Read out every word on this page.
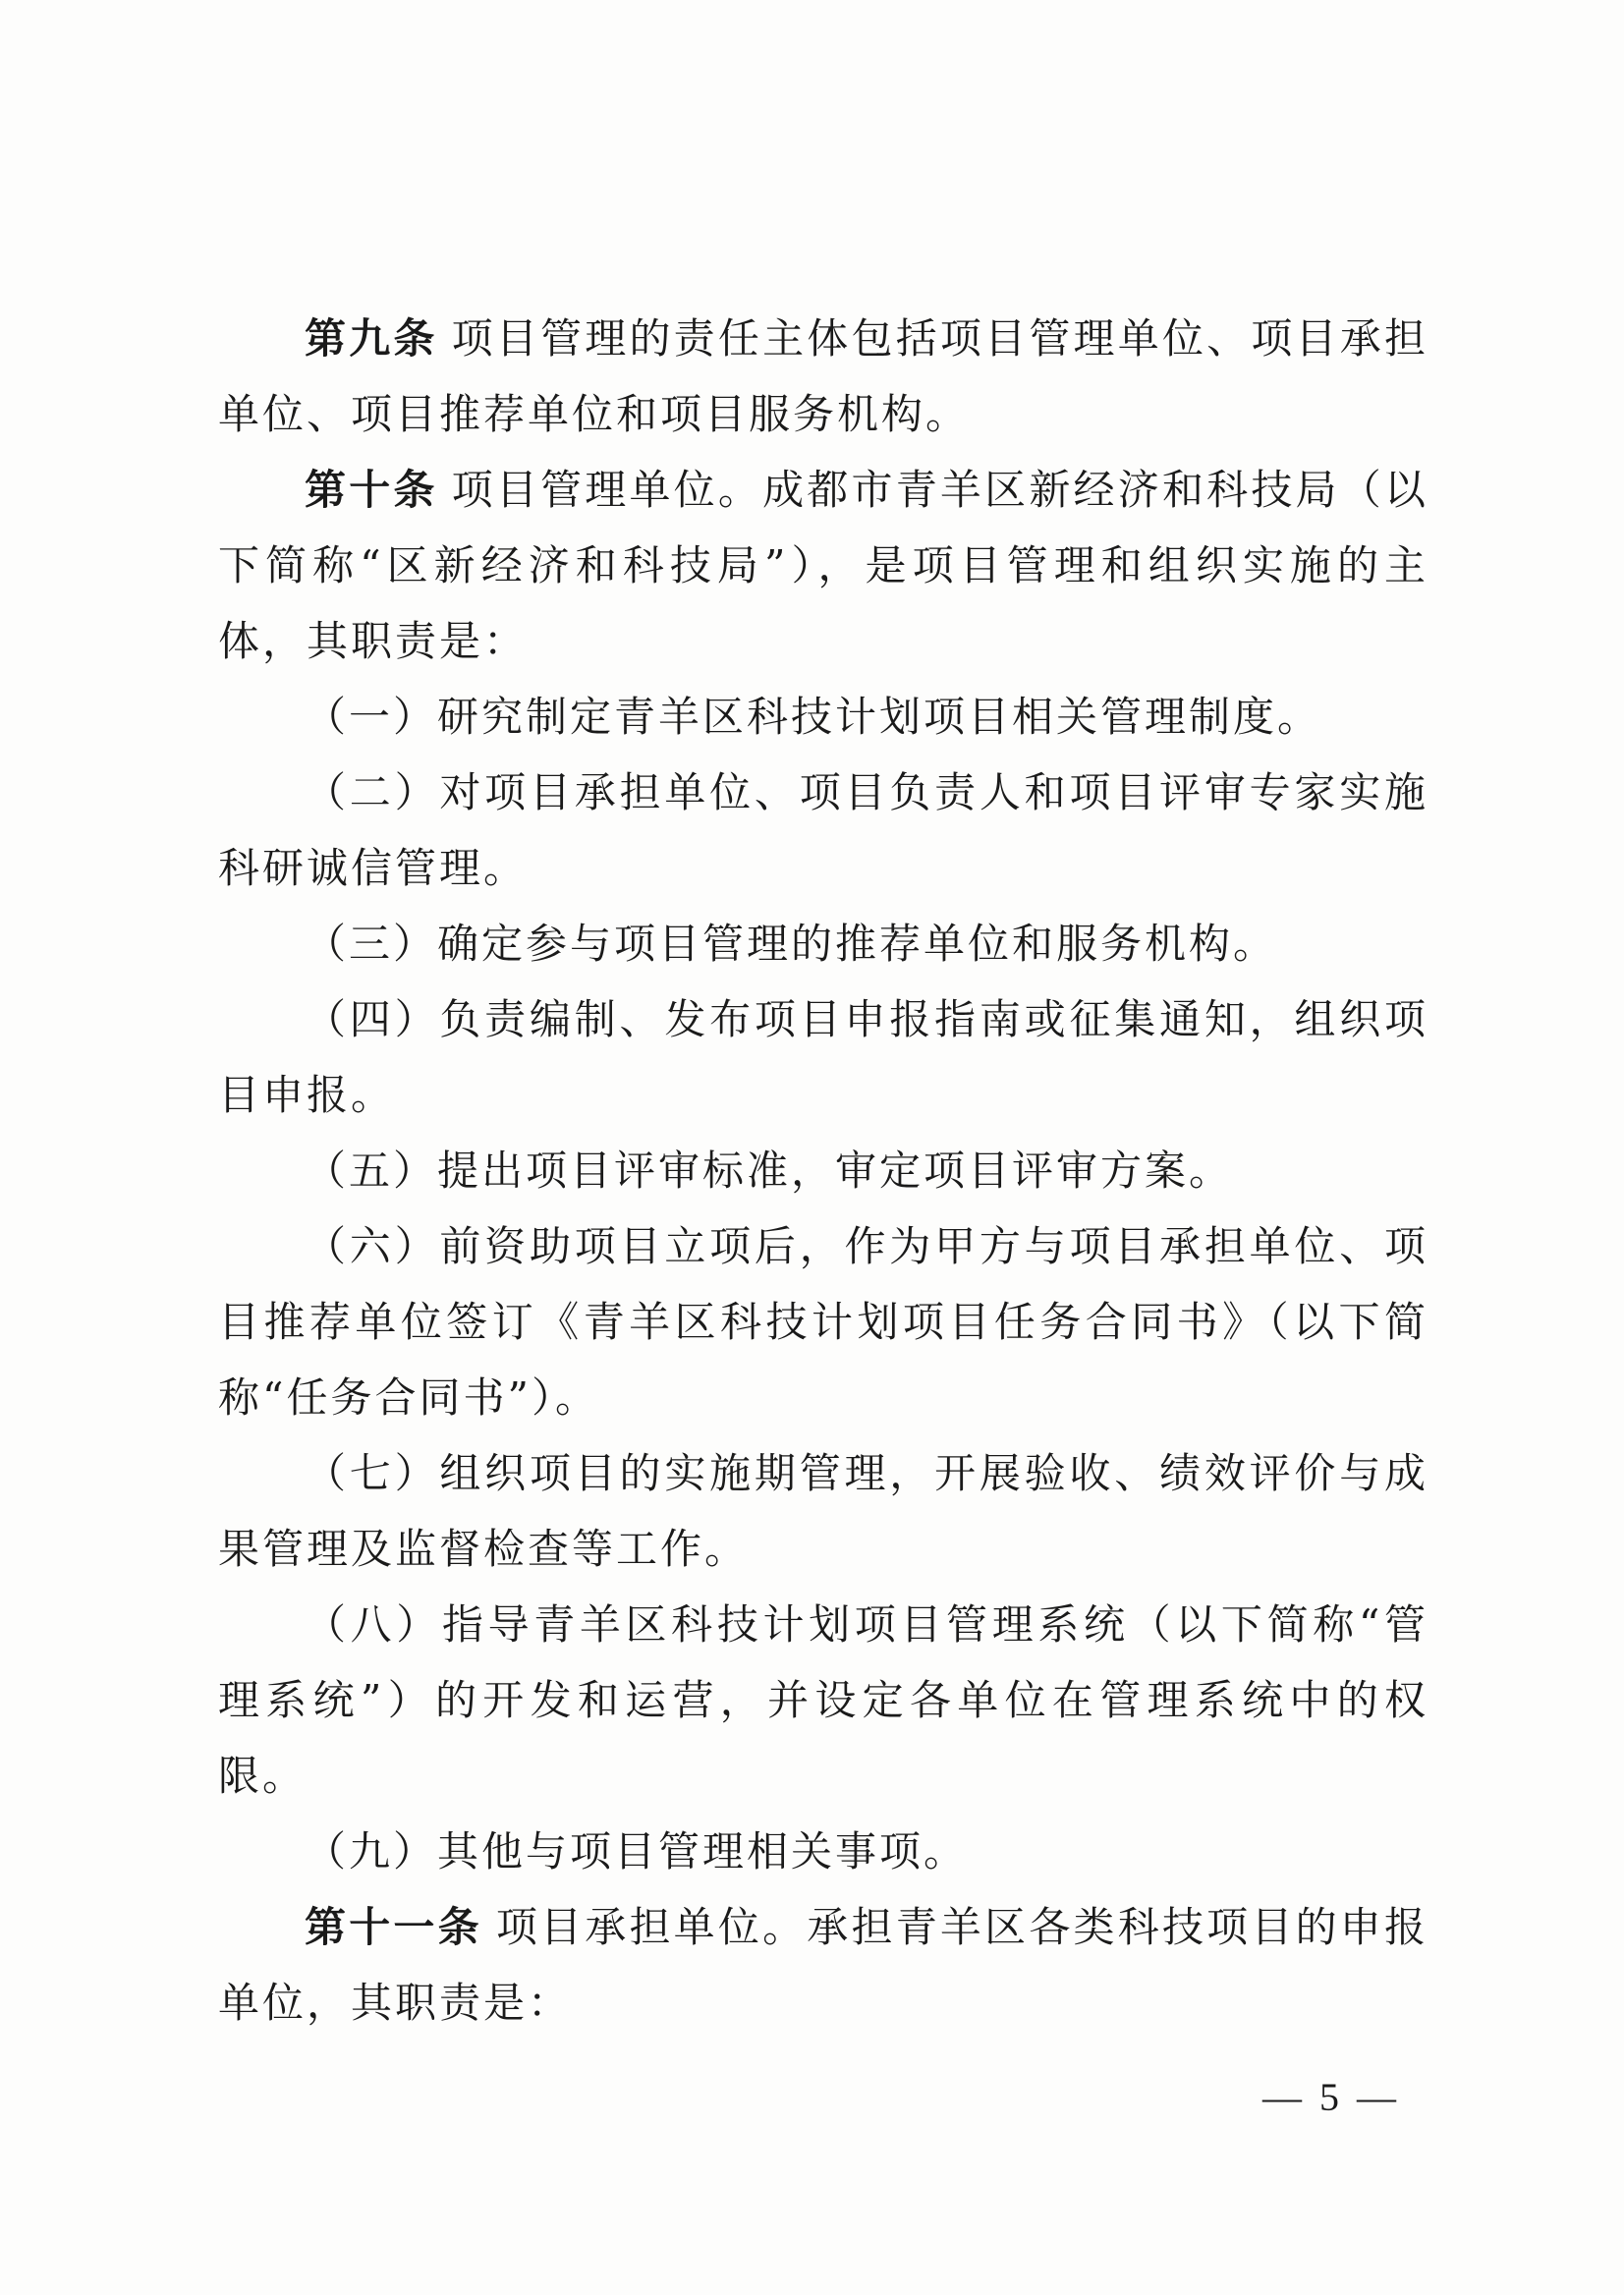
第九条 项目管理的责任主体包括项目管理单位、项目承担单位、项目推荐单位和项目服务机构。

第十条 项目管理单位。成都市青羊区新经济和科技局（以下简称“区新经济和科技局”），是项目管理和组织实施的主体，其职责是：

（一）研究制定青羊区科技计划项目相关管理制度。

（二）对项目承担单位、项目负责人和项目评审专家实施科研诚信管理。

（三）确定参与项目管理的推荐单位和服务机构。

（四）负责编制、发布项目申报指南或征集通知，组织项目申报。

（五）提出项目评审标准，审定项目评审方案。

（六）前资助项目立项后，作为甲方与项目承担单位、项目推荐单位签订《青羊区科技计划项目任务合同书》（以下简称“任务合同书”）。

（七）组织项目的实施期管理，开展验收、绩效评价与成果管理及监督检查等工作。

（八）指导青羊区科技计划项目管理系统（以下简称“管理系统”）的开发和运营，并设定各单位在管理系统中的权限。

（九）其他与项目管理相关事项。

第十一条 项目承担单位。承担青羊区各类科技项目的申报单位，其职责是：

— 5 —
